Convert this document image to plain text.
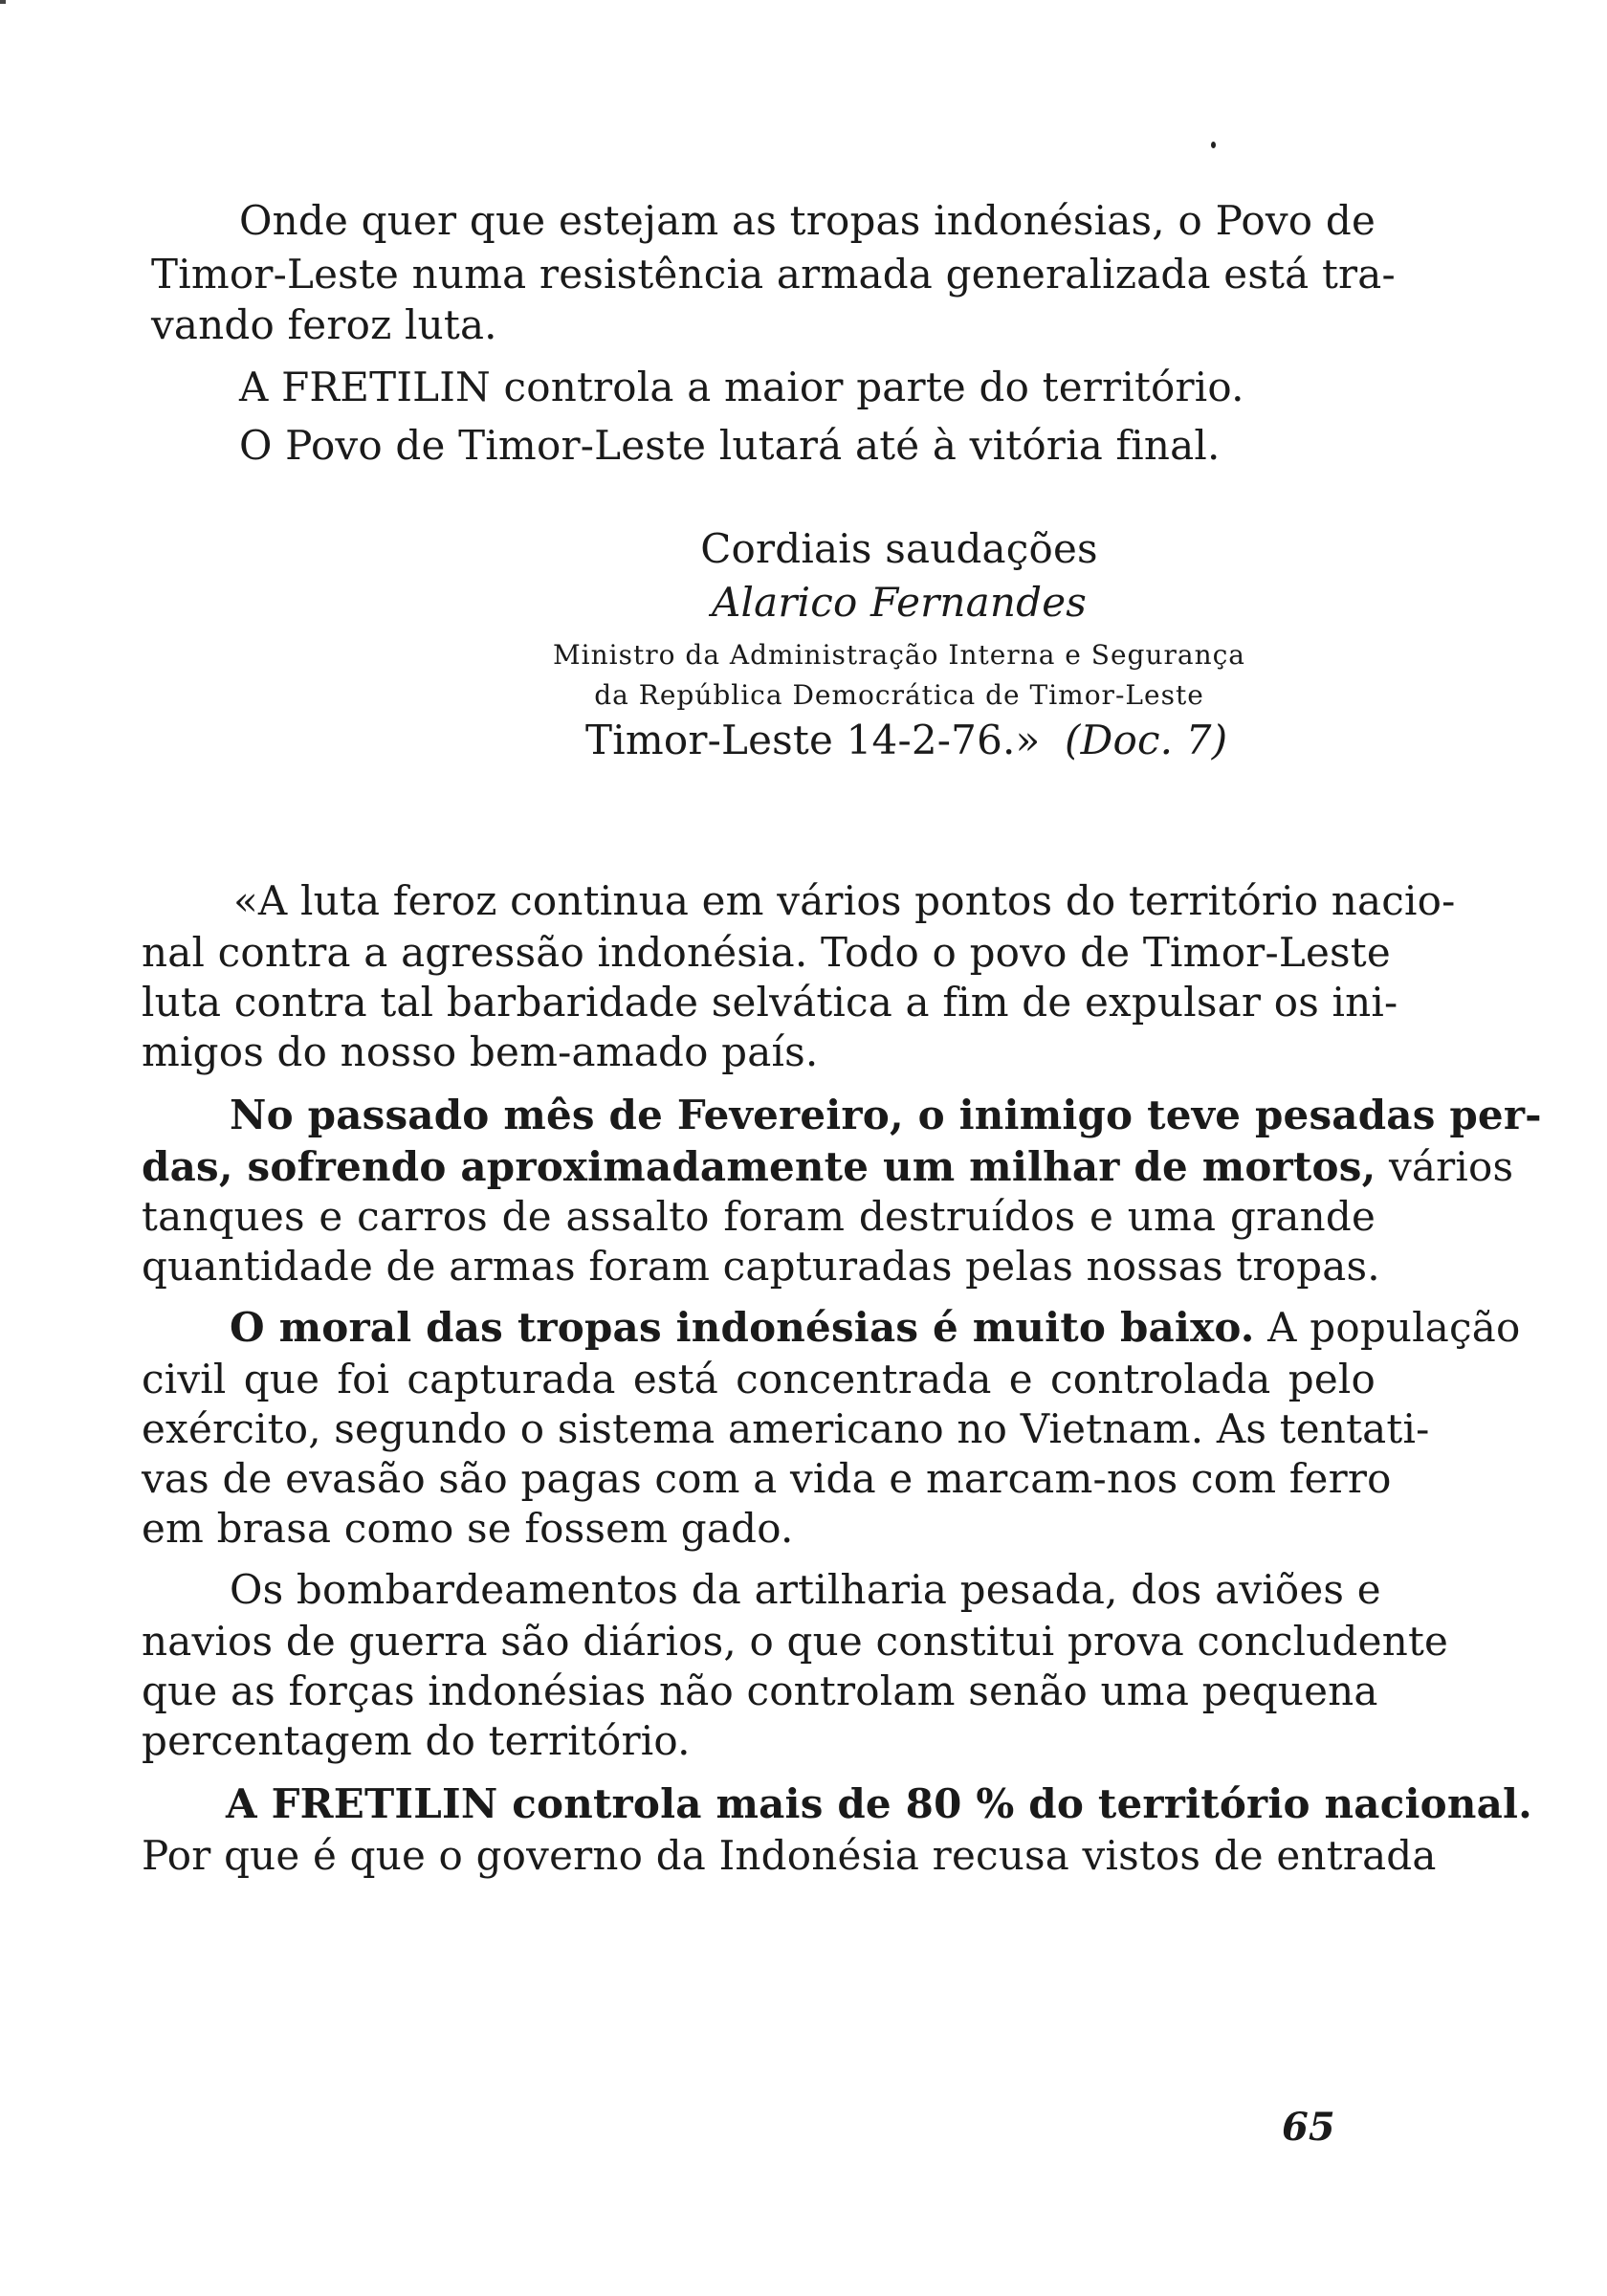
Onde quer que estejam as tropas indonésias, o Povo de
Timor-Leste numa resistência armada generalizada está tra-
vando feroz luta.
A FRETILIN controla a maior parte do território.
O Povo de Timor-Leste lutará até à vitória final.
Cordiais saudações
Alarico Fernandes
Ministro da Administração Interna e Segurança
da República Democrática de Timor-Leste
Timor-Leste 14-2-76.» (Doc. 7)
«A luta feroz continua em vários pontos do território nacio-
nal contra a agressão indonésia. Todo o povo de Timor-Leste
luta contra tal barbaridade selvática a fim de expulsar os ini-
migos do nosso bem-amado país.
No passado mês de Fevereiro, o inimigo teve pesadas per-
das, sofrendo aproximadamente um milhar de mortos, vários
tanques e carros de assalto foram destruídos e uma grande
quantidade de armas foram capturadas pelas nossas tropas.
O moral das tropas indonésias é muito baixo. A população
civil que foi capturada está concentrada e controlada pelo
exército, segundo o sistema americano no Vietnam. As tentati-
vas de evasão são pagas com a vida e marcam-nos com ferro
em brasa como se fossem gado.
Os bombardeamentos da artilharia pesada, dos aviões e
navios de guerra são diários, o que constitui prova concludente
que as forças indonésias não controlam senão uma pequena
percentagem do território.
A FRETILIN controla mais de 80 % do território nacional.
Por que é que o governo da Indonésia recusa vistos de entrada
65
